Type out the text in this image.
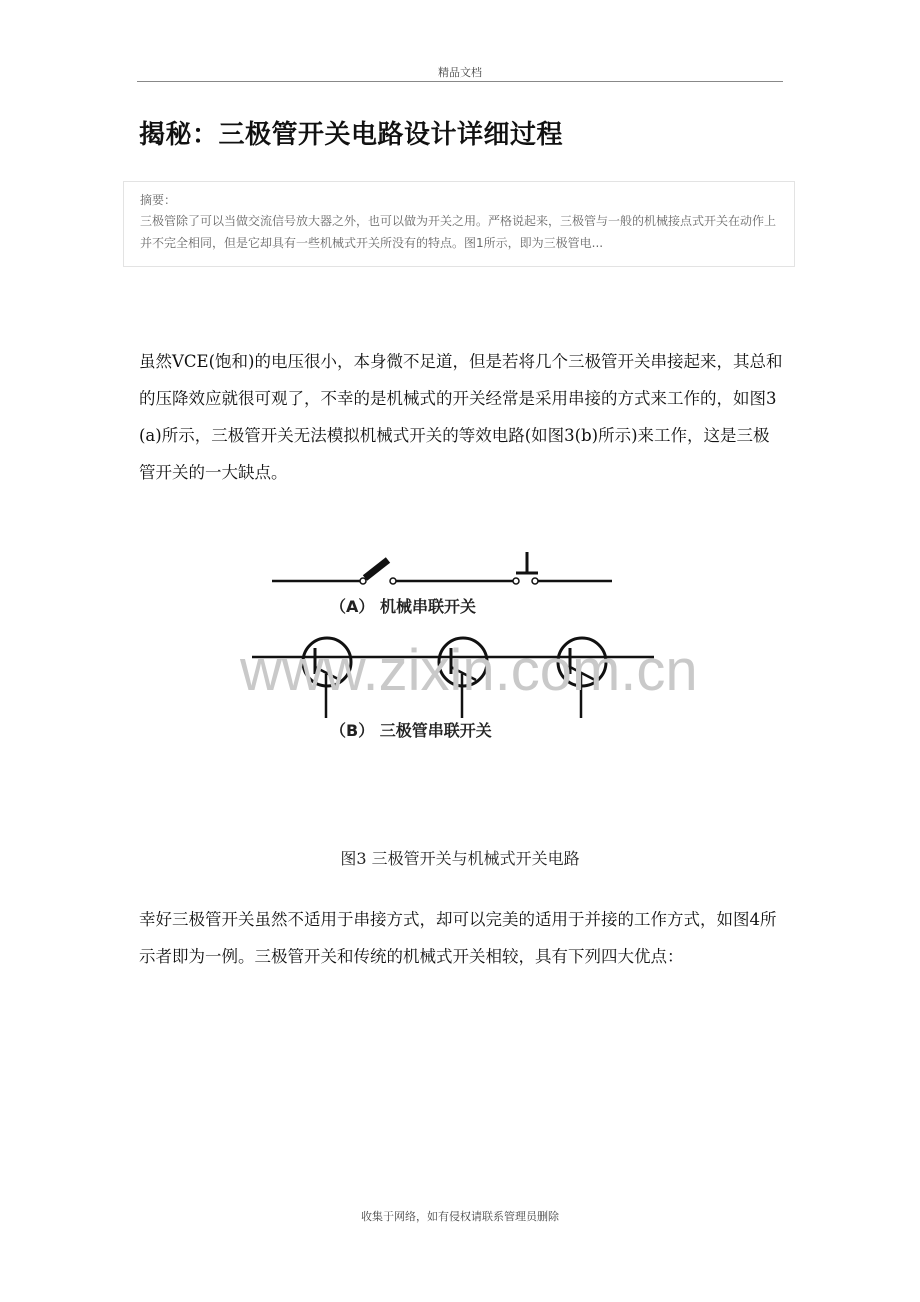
精品文档
揭秘：三极管开关电路设计详细过程
摘要：
三极管除了可以当做交流信号放大器之外，也可以做为开关之用。严格说起来，三极管与一般的机械接点式开关在动作上并不完全相同，但是它却具有一些机械式开关所没有的特点。图1所示，即为三极管电...
虽然VCE(饱和)的电压很小，本身微不足道，但是若将几个三极管开关串接起来，其总和的压降效应就很可观了，不幸的是机械式的开关经常是采用串接的方式来工作的，如图3(a)所示，三极管开关无法模拟机械式开关的等效电路(如图3(b)所示)来工作，这是三极管开关的一大缺点。
（A） 机械串联开关
（B） 三极管串联开关
www.zixin.com.cn
图3 三极管开关与机械式开关电路
幸好三极管开关虽然不适用于串接方式，却可以完美的适用于并接的工作方式，如图4所示者即为一例。三极管开关和传统的机械式开关相较，具有下列四大优点：
收集于网络，如有侵权请联系管理员删除
